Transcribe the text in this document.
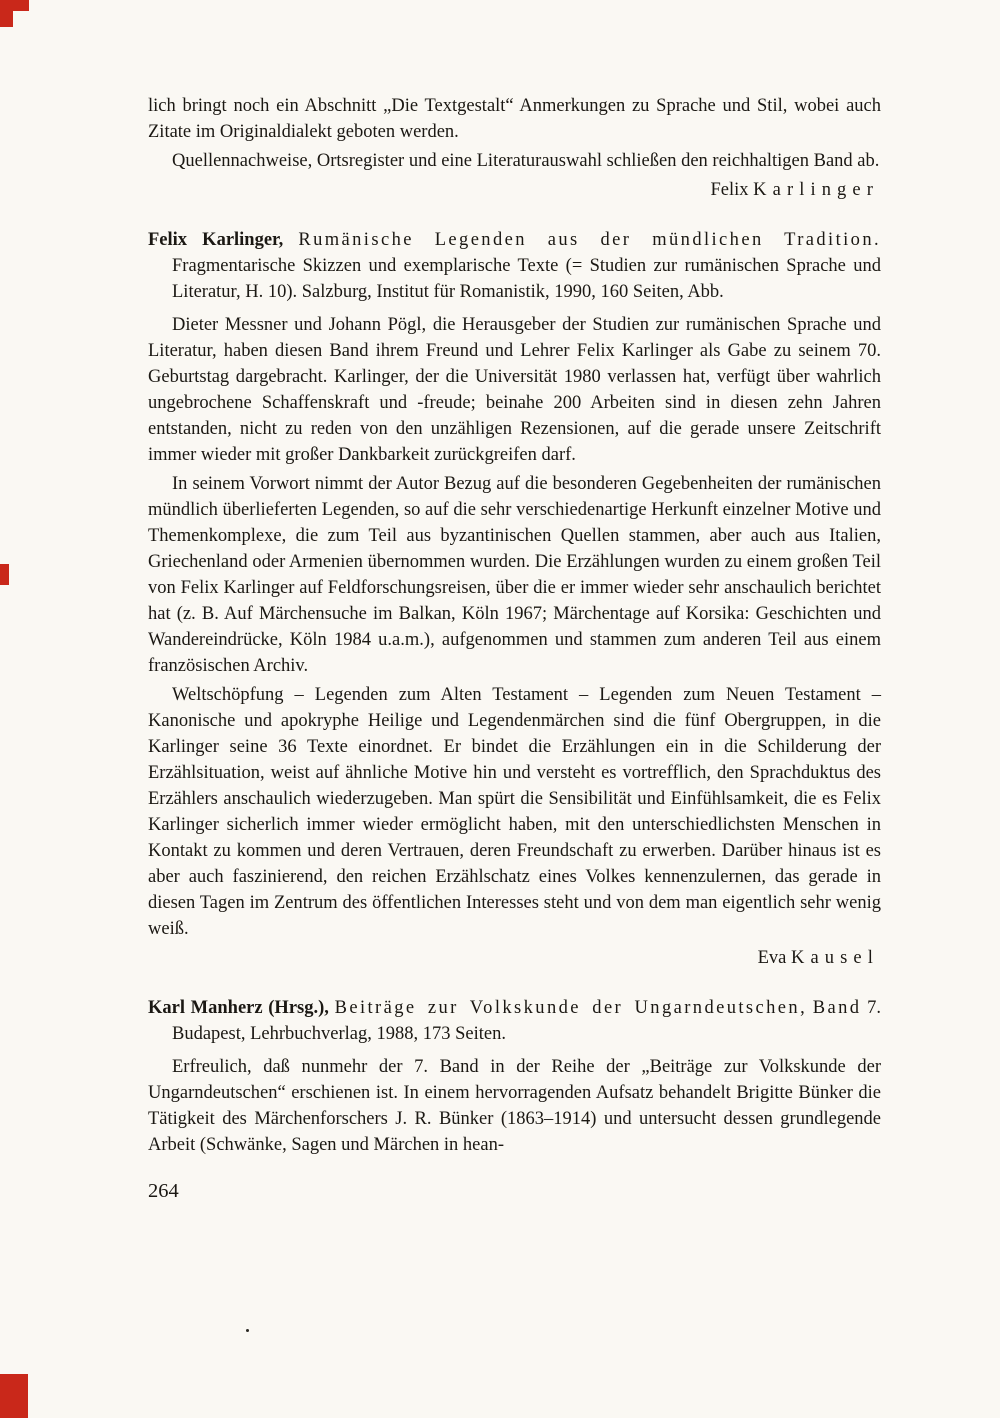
lich bringt noch ein Abschnitt „Die Textgestalt“ Anmerkungen zu Sprache und Stil, wobei auch Zitate im Originaldialekt geboten werden.

Quellennachweise, Ortsregister und eine Literaturauswahl schließen den reichhaltigen Band ab.

Felix Karlinger

Felix Karlinger, Rumänische Legenden aus der mündlichen Tradition. Fragmentarische Skizzen und exemplarische Texte (= Studien zur rumänischen Sprache und Literatur, H. 10). Salzburg, Institut für Romanistik, 1990, 160 Seiten, Abb.

Dieter Messner und Johann Pögl, die Herausgeber der Studien zur rumänischen Sprache und Literatur, haben diesen Band ihrem Freund und Lehrer Felix Karlinger als Gabe zu seinem 70. Geburtstag dargebracht. Karlinger, der die Universität 1980 verlassen hat, verfügt über wahrlich ungebrochene Schaffenskraft und -freude; beinahe 200 Arbeiten sind in diesen zehn Jahren entstanden, nicht zu reden von den unzähligen Rezensionen, auf die gerade unsere Zeitschrift immer wieder mit großer Dankbarkeit zurückgreifen darf.

In seinem Vorwort nimmt der Autor Bezug auf die besonderen Gegebenheiten der rumänischen mündlich überlieferten Legenden, so auf die sehr verschiedenartige Herkunft einzelner Motive und Themenkomplexe, die zum Teil aus byzantinischen Quellen stammen, aber auch aus Italien, Griechenland oder Armenien übernommen wurden. Die Erzählungen wurden zu einem großen Teil von Felix Karlinger auf Feldforschungsreisen, über die er immer wieder sehr anschaulich berichtet hat (z. B. Auf Märchensuche im Balkan, Köln 1967; Märchentage auf Korsika: Geschichten und Wandereindrücke, Köln 1984 u.a.m.), aufgenommen und stammen zum anderen Teil aus einem französischen Archiv.

Weltschöpfung – Legenden zum Alten Testament – Legenden zum Neuen Testament – Kanonische und apokryphe Heilige und Legendenmärchen sind die fünf Obergruppen, in die Karlinger seine 36 Texte einordnet. Er bindet die Erzählungen ein in die Schilderung der Erzählsituation, weist auf ähnliche Motive hin und versteht es vortrefflich, den Sprachduktus des Erzählers anschaulich wiederzugeben. Man spürt die Sensibilität und Einfühlsamkeit, die es Felix Karlinger sicherlich immer wieder ermöglicht haben, mit den unterschiedlichsten Menschen in Kontakt zu kommen und deren Vertrauen, deren Freundschaft zu erwerben. Darüber hinaus ist es aber auch faszinierend, den reichen Erzählschatz eines Volkes kennenzulernen, das gerade in diesen Tagen im Zentrum des öffentlichen Interesses steht und von dem man eigentlich sehr wenig weiß.

Eva Kausel

Karl Manherz (Hrsg.), Beiträge zur Volkskunde der Ungarndeutschen, Band 7. Budapest, Lehrbuchverlag, 1988, 173 Seiten.

Erfreulich, daß nunmehr der 7. Band in der Reihe der „Beiträge zur Volkskunde der Ungarndeutschen“ erschienen ist. In einem hervorragenden Aufsatz behandelt Brigitte Bünker die Tätigkeit des Märchenforschers J. R. Bünker (1863–1914) und untersucht dessen grundlegende Arbeit (Schwänke, Sagen und Märchen in hean-

264
